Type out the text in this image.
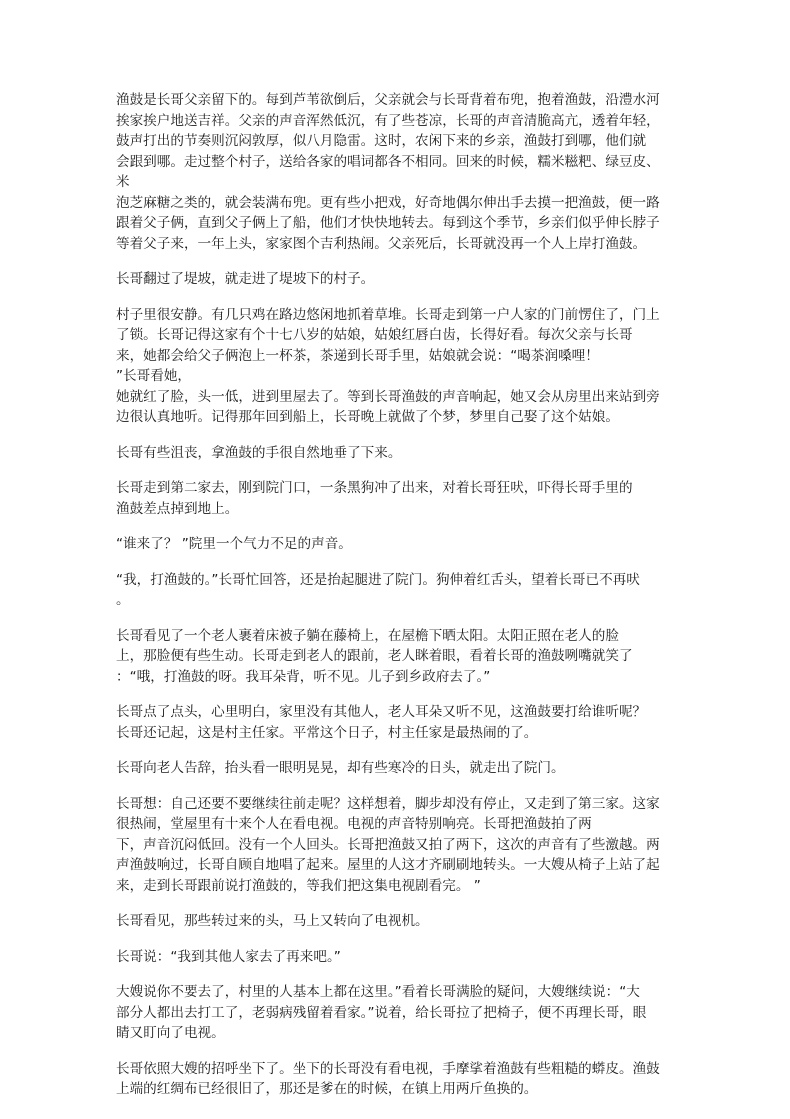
渔鼓是长哥父亲留下的。每到芦苇欲倒后，父亲就会与长哥背着布兜，抱着渔鼓，沿澧水河
挨家挨户地送吉祥。父亲的声音浑然低沉，有了些苍凉，长哥的声音清脆高亢，透着年轻，
鼓声打出的节奏则沉闷敦厚，似八月隐雷。这时，农闲下来的乡亲，渔鼓打到哪，他们就
会跟到哪。走过整个村子，送给各家的唱词都各不相同。回来的时候，糯米糍粑、绿豆皮、
米
泡芝麻糖之类的，就会装满布兜。更有些小把戏，好奇地偶尔伸出手去摸一把渔鼓，便一路
跟着父子俩，直到父子俩上了船，他们才快快地转去。每到这个季节，乡亲们似乎伸长脖子
等着父子来，一年上头，家家图个吉利热闹。父亲死后，长哥就没再一个人上岸打渔鼓。
长哥翻过了堤坡，就走进了堤坡下的村子。
村子里很安静。有几只鸡在路边悠闲地抓着草堆。长哥走到第一户人家的门前愣住了，门上
了锁。长哥记得这家有个十七八岁的姑娘，姑娘红唇白齿，长得好看。每次父亲与长哥
来，她都会给父子俩泡上一杯茶，茶递到长哥手里，姑娘就会说：“喝茶润嗓哩！
”长哥看她，
她就红了脸，头一低，进到里屋去了。等到长哥渔鼓的声音响起，她又会从房里出来站到旁
边很认真地听。记得那年回到船上，长哥晚上就做了个梦，梦里自己娶了这个姑娘。
长哥有些沮丧，拿渔鼓的手很自然地垂了下来。
长哥走到第二家去，刚到院门口，一条黑狗冲了出来，对着长哥狂吠，吓得长哥手里的
渔鼓差点掉到地上。
“谁来了？ ”院里一个气力不足的声音。
“我，打渔鼓的。”长哥忙回答，还是抬起腿进了院门。狗伸着红舌头，望着长哥已不再吠
。
长哥看见了一个老人裹着床被子躺在藤椅上，在屋檐下晒太阳。太阳正照在老人的脸
上，那脸便有些生动。长哥走到老人的跟前，老人眯着眼，看着长哥的渔鼓咧嘴就笑了
：“哦，打渔鼓的呀。我耳朵背，听不见。儿子到乡政府去了。”
长哥点了点头，心里明白，家里没有其他人，老人耳朵又听不见，这渔鼓要打给谁听呢？
长哥还记起，这是村主任家。平常这个日子，村主任家是最热闹的了。
长哥向老人告辞，抬头看一眼明晃晃，却有些寒冷的日头，就走出了院门。
长哥想：自己还要不要继续往前走呢？这样想着，脚步却没有停止，又走到了第三家。这家
很热闹，堂屋里有十来个人在看电视。电视的声音特别响亮。长哥把渔鼓拍了两
下，声音沉闷低回。没有一个人回头。长哥把渔鼓又拍了两下，这次的声音有了些激越。两
声渔鼓响过，长哥自顾自地唱了起来。屋里的人这才齐刷刷地转头。一大嫂从椅子上站了起
来，走到长哥跟前说打渔鼓的，等我们把这集电视剧看完。 ”
长哥看见，那些转过来的头，马上又转向了电视机。
长哥说：“我到其他人家去了再来吧。”
大嫂说你不要去了，村里的人基本上都在这里。”看着长哥满脸的疑问，大嫂继续说：“大
部分人都出去打工了，老弱病残留着看家。”说着，给长哥拉了把椅子，便不再理长哥，眼
睛又盯向了电视。
长哥依照大嫂的招呼坐下了。坐下的长哥没有看电视，手摩挲着渔鼓有些粗糙的蟒皮。渔鼓
上端的红绸布已经很旧了，那还是爹在的时候，在镇上用两斤鱼换的。
